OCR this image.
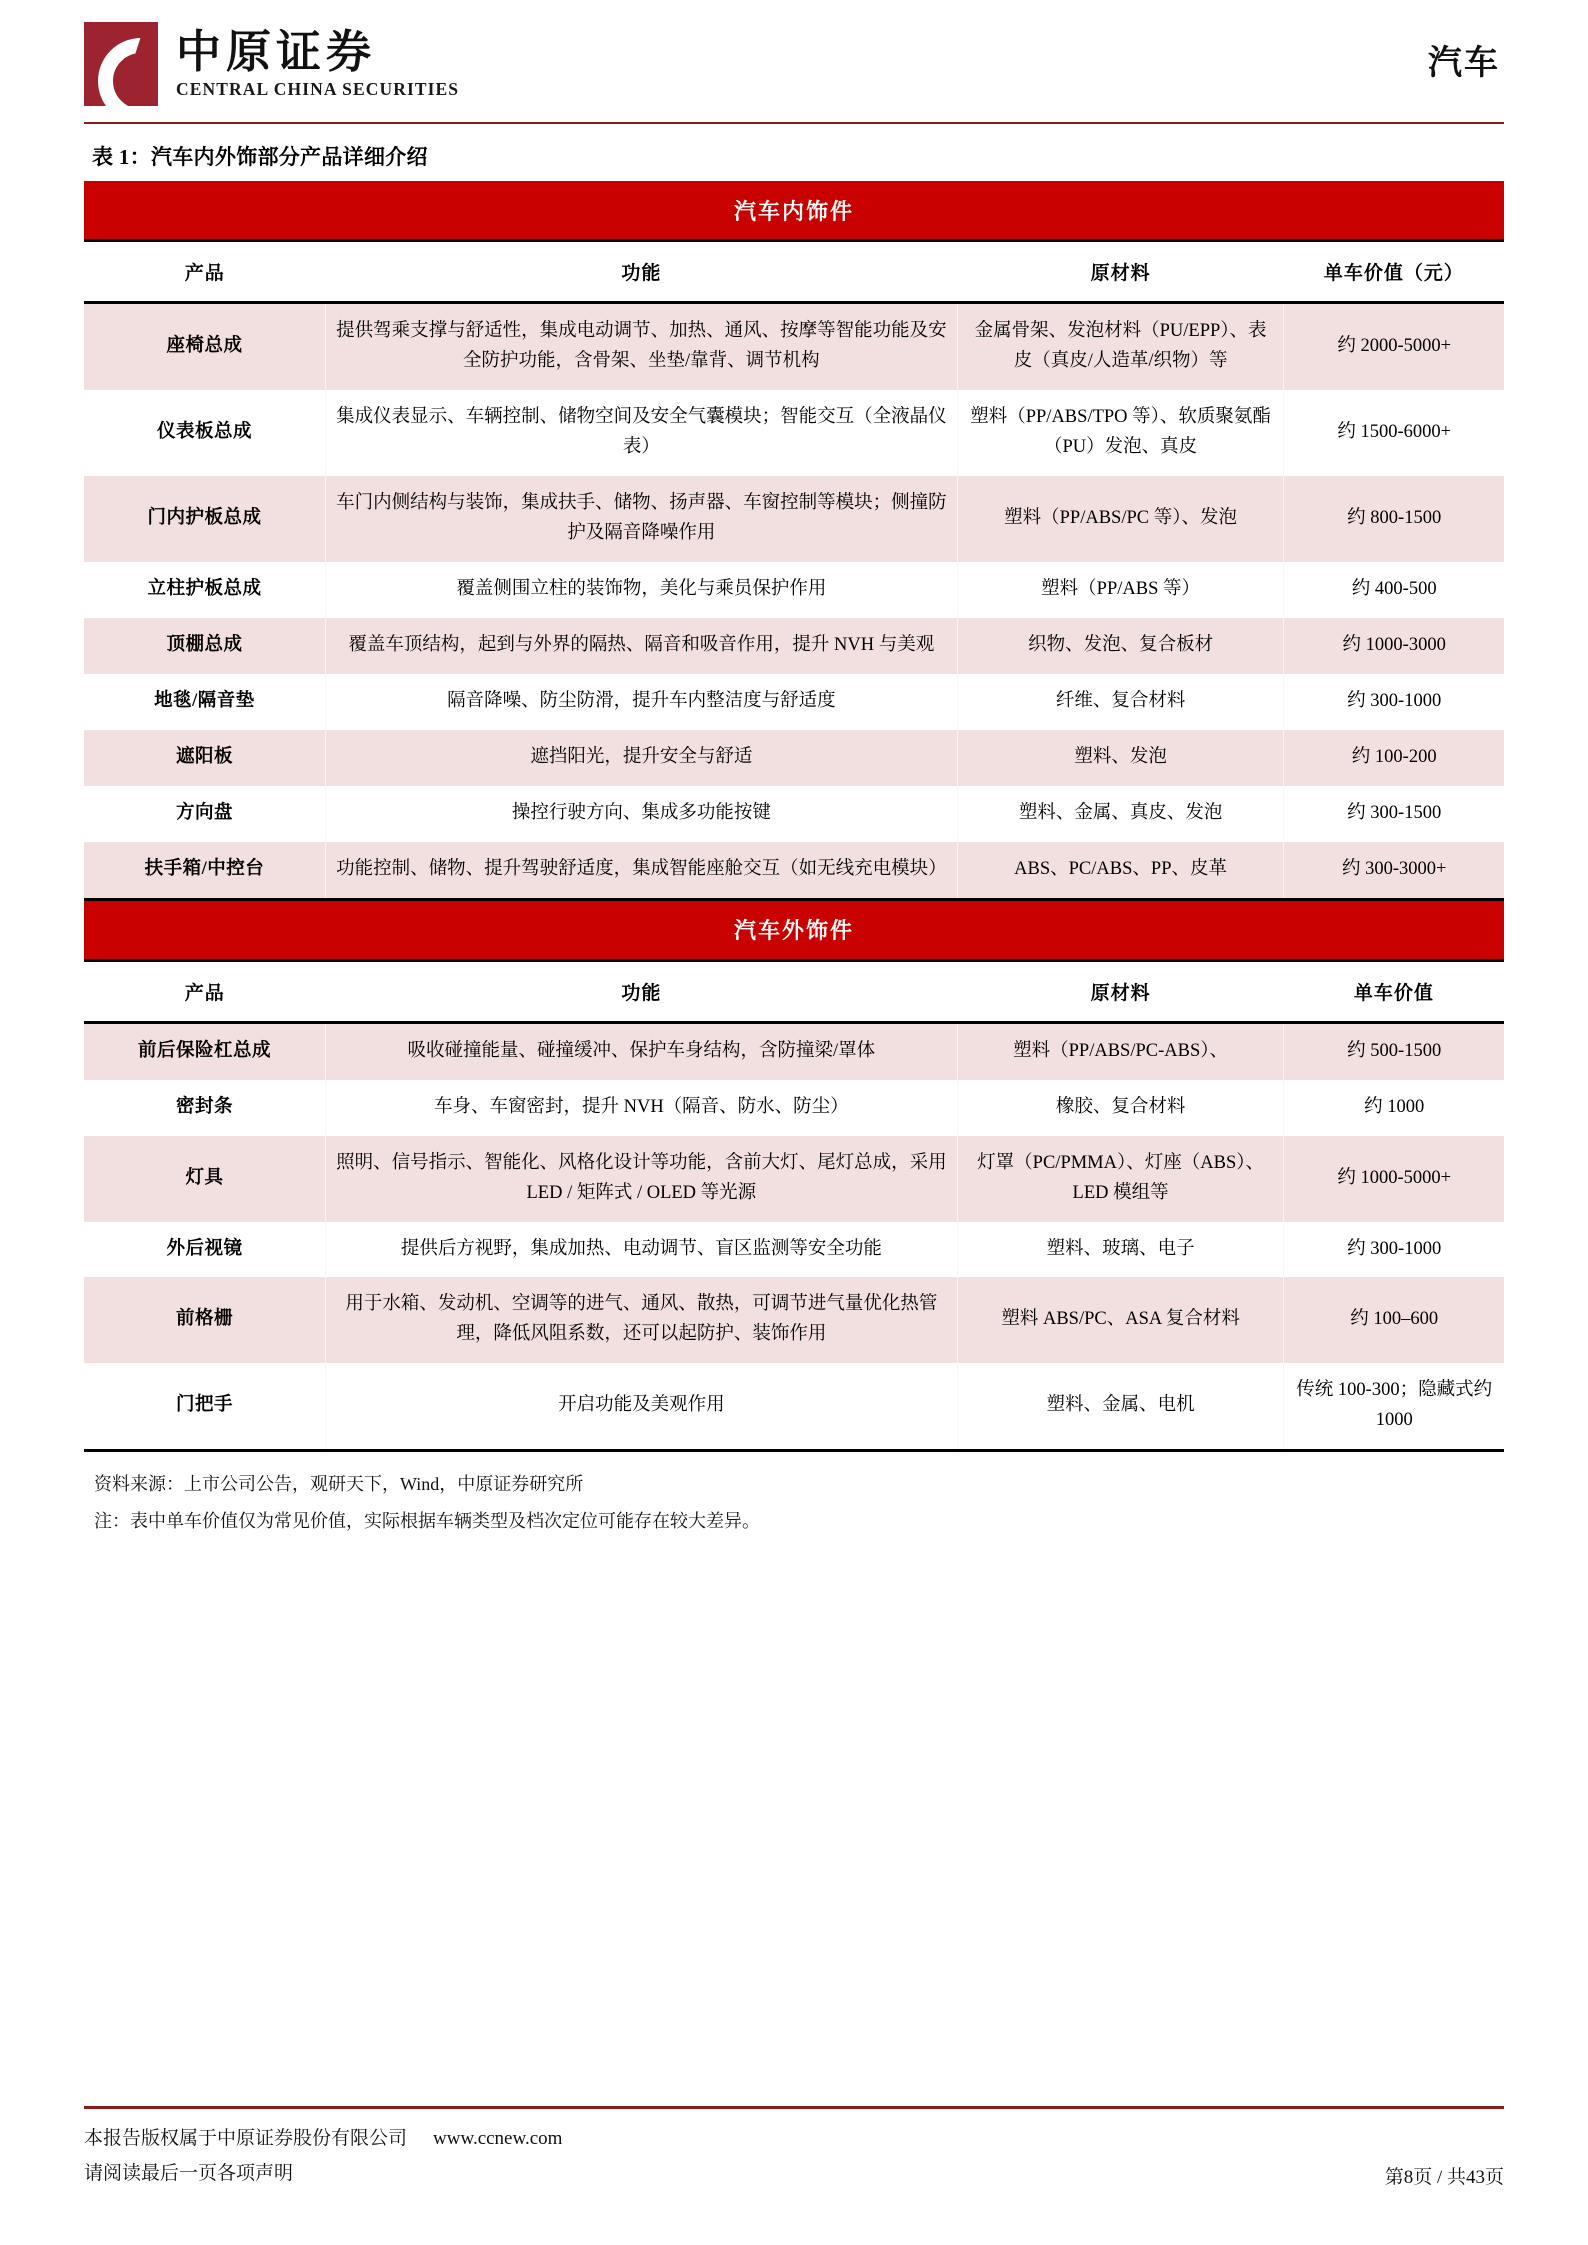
中原证券
CENTRAL CHINA SECURITIES
汽车
表 1：汽车内外饰部分产品详细介绍
汽车内饰件			
产品	功能	原材料	单车价值（元）
座椅总成	提供驾乘支撑与舒适性，集成电动调节、加热、通风、按摩等智能功能及安全防护功能，含骨架、坐垫/靠背、调节机构	金属骨架、发泡材料（PU/EPP）、表皮（真皮/人造革/织物）等	约 2000-5000+
仪表板总成	集成仪表显示、车辆控制、储物空间及安全气囊模块；智能交互（全液晶仪表）	塑料（PP/ABS/TPO 等）、软质聚氨酯（PU）发泡、真皮	约 1500-6000+
门内护板总成	车门内侧结构与装饰，集成扶手、储物、扬声器、车窗控制等模块；侧撞防护及隔音降噪作用	塑料（PP/ABS/PC 等）、发泡	约 800-1500
立柱护板总成	覆盖侧围立柱的装饰物，美化与乘员保护作用	塑料（PP/ABS 等）	约 400-500
顶棚总成	覆盖车顶结构，起到与外界的隔热、隔音和吸音作用，提升 NVH 与美观	织物、发泡、复合板材	约 1000-3000
地毯/隔音垫	隔音降噪、防尘防滑，提升车内整洁度与舒适度	纤维、复合材料	约 300-1000
遮阳板	遮挡阳光，提升安全与舒适	塑料、发泡	约 100-200
方向盘	操控行驶方向、集成多功能按键	塑料、金属、真皮、发泡	约 300-1500
扶手箱/中控台	功能控制、储物、提升驾驶舒适度，集成智能座舱交互（如无线充电模块）	ABS、PC/ABS、PP、皮革	约 300-3000+
汽车外饰件			
产品	功能	原材料	单车价值
前后保险杠总成	吸收碰撞能量、碰撞缓冲、保护车身结构，含防撞梁/罩体	塑料（PP/ABS/PC-ABS）、	约 500-1500
密封条	车身、车窗密封，提升 NVH（隔音、防水、防尘）	橡胶、复合材料	约 1000
灯具	照明、信号指示、智能化、风格化设计等功能，含前大灯、尾灯总成，采用 LED / 矩阵式 / OLED 等光源	灯罩（PC/PMMA）、灯座（ABS）、LED 模组等	约 1000-5000+
外后视镜	提供后方视野，集成加热、电动调节、盲区监测等安全功能	塑料、玻璃、电子	约 300-1000
前格栅	用于水箱、发动机、空调等的进气、通风、散热，可调节进气量优化热管理，降低风阻系数，还可以起防护、装饰作用	塑料 ABS/PC、ASA 复合材料	约 100–600
门把手	开启功能及美观作用	塑料、金属、电机	传统 100-300；隐藏式约 1000
资料来源：上市公司公告，观研天下，Wind，中原证券研究所
注：表中单车价值仅为常见价值，实际根据车辆类型及档次定位可能存在较大差异。
本报告版权属于中原证券股份有限公司 www.ccnew.com
请阅读最后一页各项声明	第8页 / 共43页
